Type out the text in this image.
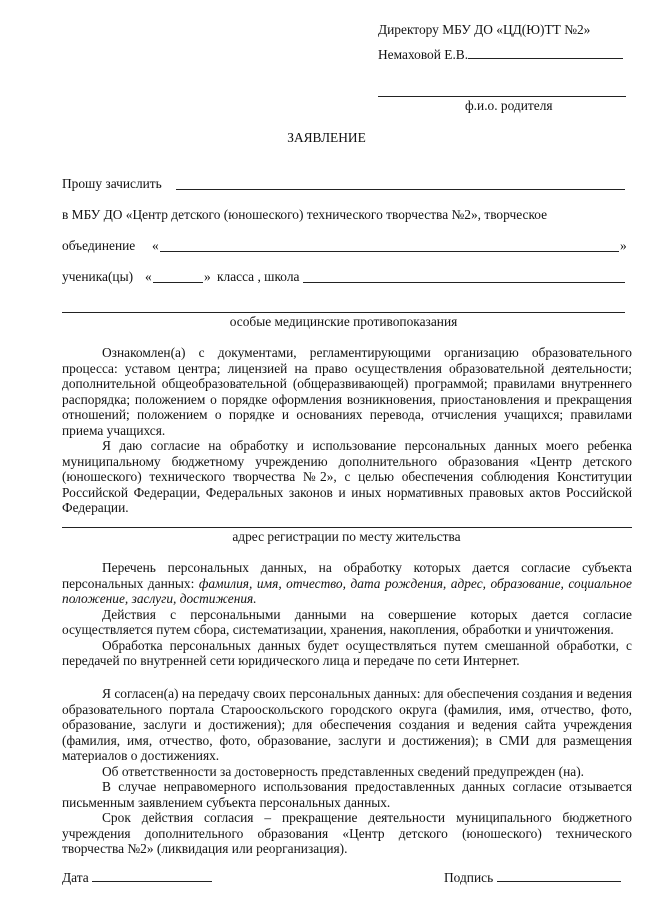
Директору МБУ ДО «ЦД(Ю)ТТ №2»
Немаховой Е.В.
ф.и.о. родителя
ЗАЯВЛЕНИЕ
Прошу зачислить
в МБУ ДО «Центр детского (юношеского) технического творчества №2», творческое
объединение «	»
ученика(цы) «	» класса , школа
особые медицинские противопоказания

Ознакомлен(а) с документами, регламентирующими организацию образовательного процесса: уставом центра; лицензией на право осуществления образовательной деятельности; дополнительной общеобразовательной (общеразвивающей) программой; правилами внутреннего распорядка; положением о порядке оформления возникновения, приостановления и прекращения отношений; положением о порядке и основаниях перевода, отчисления учащихся; правилами приема учащихся.

Я даю согласие на обработку и использование персональных данных моего ребенка муниципальному бюджетному учреждению дополнительного образования «Центр детского (юношеского) технического творчества №2», с целью обеспечения соблюдения Конституции Российской Федерации, Федеральных законов и иных нормативных правовых актов Российской Федерации.

адрес регистрации по месту жительства

Перечень персональных данных, на обработку которых дается согласие субъекта персональных данных: фамилия, имя, отчество, дата рождения, адрес, образование, социальное положение, заслуги, достижения.

Действия с персональными данными на совершение которых дается согласие осуществляется путем сбора, систематизации, хранения, накопления, обработки и уничтожения.

Обработка персональных данных будет осуществляться путем смешанной обработки, с передачей по внутренней сети юридического лица и передаче по сети Интернет.

Я согласен(а) на передачу своих персональных данных: для обеспечения создания и ведения образовательного портала Старооскольского городского округа (фамилия, имя, отчество, фото, образование, заслуги и достижения); для обеспечения создания и ведения сайта учреждения (фамилия, имя, отчество, фото, образование, заслуги и достижения); в СМИ для размещения материалов о достижениях.

Об ответственности за достоверность представленных сведений предупрежден (на).

В случае неправомерного использования предоставленных данных согласие отзывается письменным заявлением субъекта персональных данных.

Срок действия согласия – прекращение деятельности муниципального бюджетного учреждения дополнительного образования «Центр детского (юношеского) технического творчества №2» (ликвидация или реорганизация).

Дата	Подпись
